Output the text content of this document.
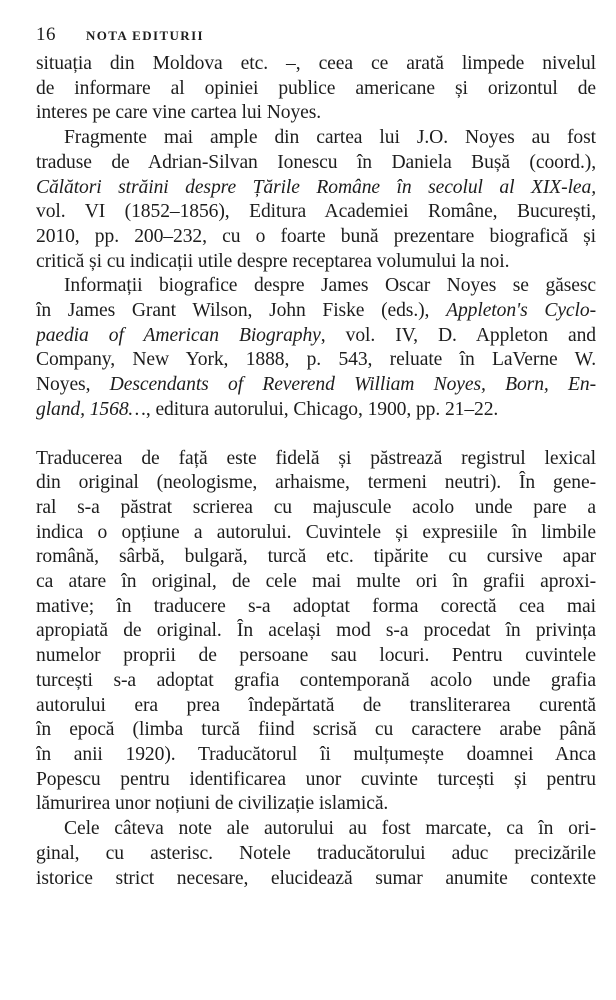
16 NOTA EDITURII

situația din Moldova etc. –, ceea ce arată limpede nivelul
de informare al opiniei publice americane și orizontul de
interes pe care vine cartea lui Noyes.

Fragmente mai ample din cartea lui J.O. Noyes au fost
traduse de Adrian-Silvan Ionescu în Daniela Bușă (coord.),
Călători străini despre Țările Române în secolul al XIX-lea,
vol. VI (1852–1856), Editura Academiei Române, București,
2010, pp. 200–232, cu o foarte bună prezentare biografică și
critică și cu indicații utile despre receptarea volumului la noi.

Informații biografice despre James Oscar Noyes se găsesc
în James Grant Wilson, John Fiske (eds.), Appleton's Cyclo-
paedia of American Biography, vol. IV, D. Appleton and
Company, New York, 1888, p. 543, reluate în LaVerne W.
Noyes, Descendants of Reverend William Noyes, Born, En-
gland, 1568…, editura autorului, Chicago, 1900, pp. 21–22.

Traducerea de față este fidelă și păstrează registrul lexical
din original (neologisme, arhaisme, termeni neutri). În gene-
ral s-a păstrat scrierea cu majuscule acolo unde pare a
indica o opțiune a autorului. Cuvintele și expresiile în limbile
română, sârbă, bulgară, turcă etc. tipărite cu cursive apar
ca atare în original, de cele mai multe ori în grafii aproxi-
mative; în traducere s-a adoptat forma corectă cea mai
apropiată de original. În același mod s-a procedat în privința
numelor proprii de persoane sau locuri. Pentru cuvintele
turcești s-a adoptat grafia contemporană acolo unde grafia
autorului era prea îndepărtată de transliterarea curentă
în epocă (limba turcă fiind scrisă cu caractere arabe până
în anii 1920). Traducătorul îi mulțumește doamnei Anca
Popescu pentru identificarea unor cuvinte turcești și pentru
lămurirea unor noțiuni de civilizație islamică.

Cele câteva note ale autorului au fost marcate, ca în ori-
ginal, cu asterisc. Notele traducătorului aduc precizările
istorice strict necesare, elucidează sumar anumite contexte
